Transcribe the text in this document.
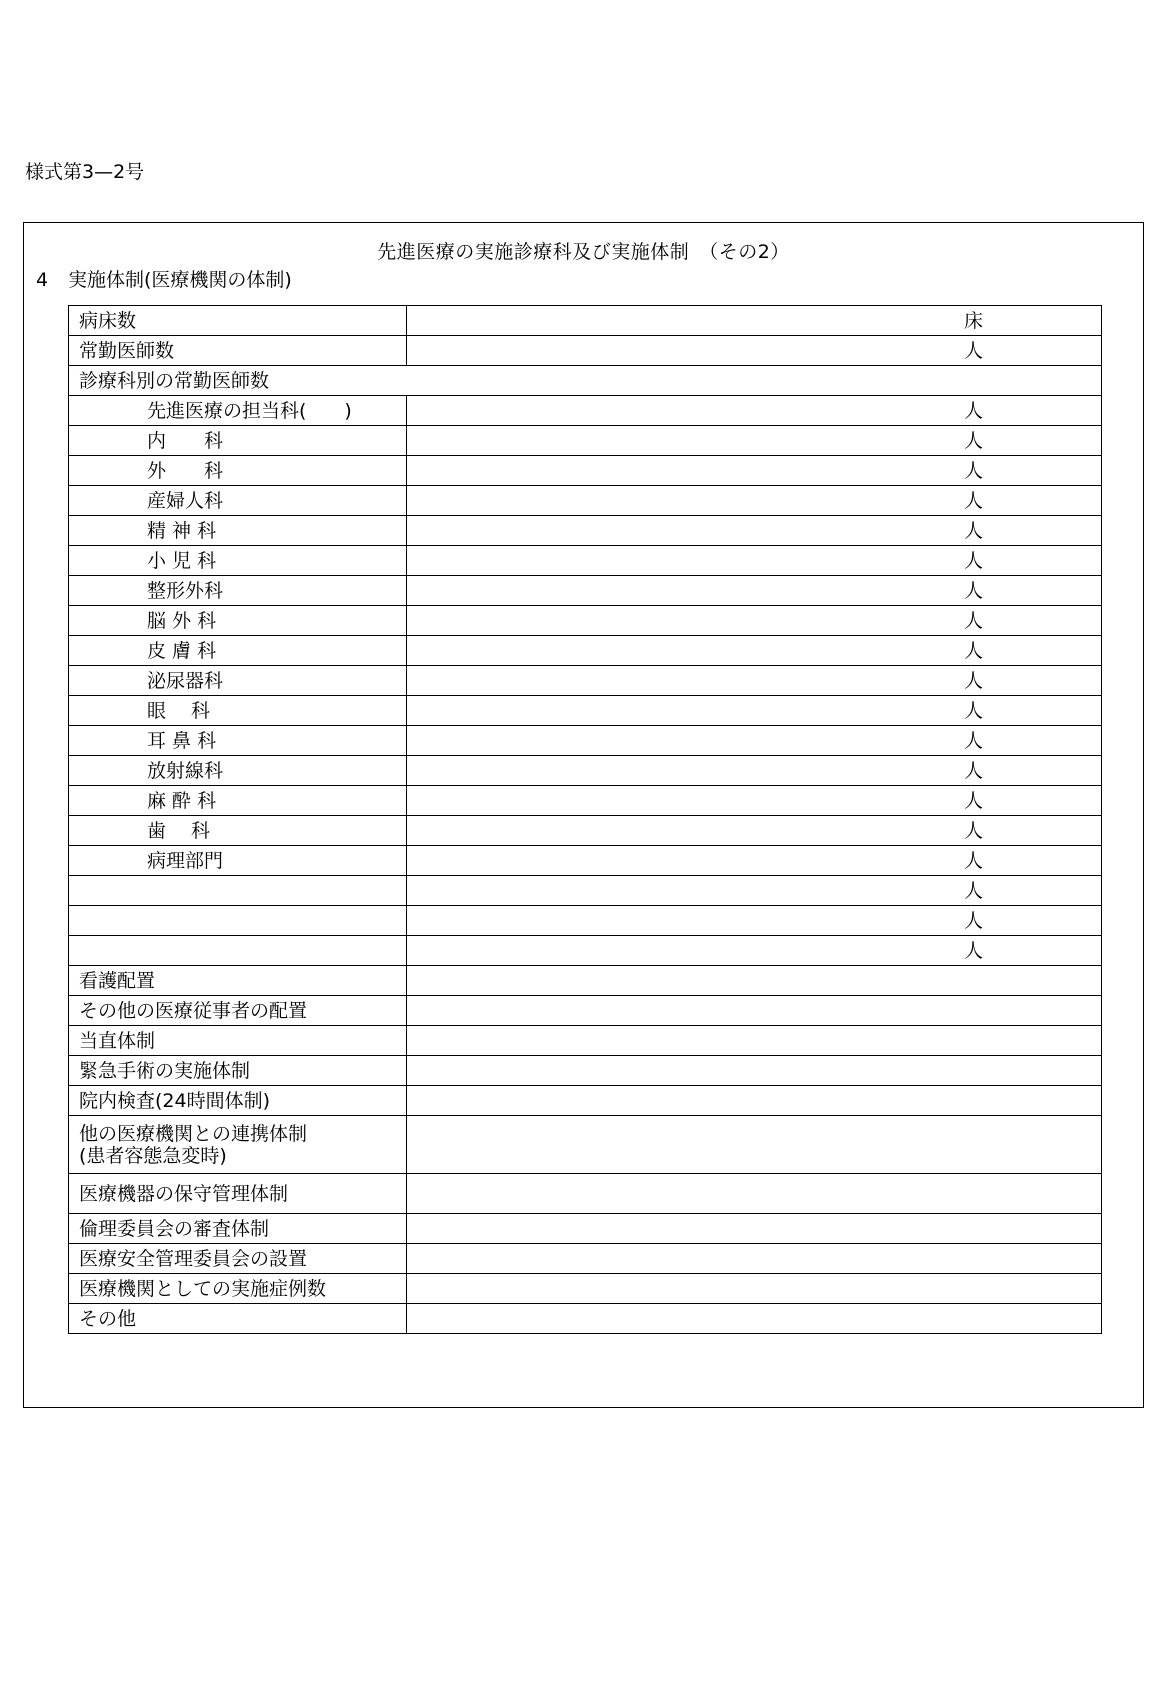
様式第3—2号
先進医療の実施診療科及び実施体制　（その2）
4 実施体制(医療機関の体制)
病床数	床
常勤医師数	人
診療科別の常勤医師数	
先進医療の担当科(　　)	人
内　　科	人
外　　科	人
産婦人科	人
精 神 科	人
小 児 科	人
整形外科	人
脳 外 科	人
皮 膚 科	人
泌尿器科	人
眼　 科	人
耳 鼻 科	人
放射線科	人
麻 酔 科	人
歯　 科	人
病理部門	人
	人
	人
	人
看護配置	
その他の医療従事者の配置	
当直体制	
緊急手術の実施体制	
院内検査(24時間体制)	

他の医療機関との連携体制
(患者容態急変時)	

医療機器の保守管理体制	
倫理委員会の審査体制	
医療安全管理委員会の設置	
医療機関としての実施症例数	
その他	
